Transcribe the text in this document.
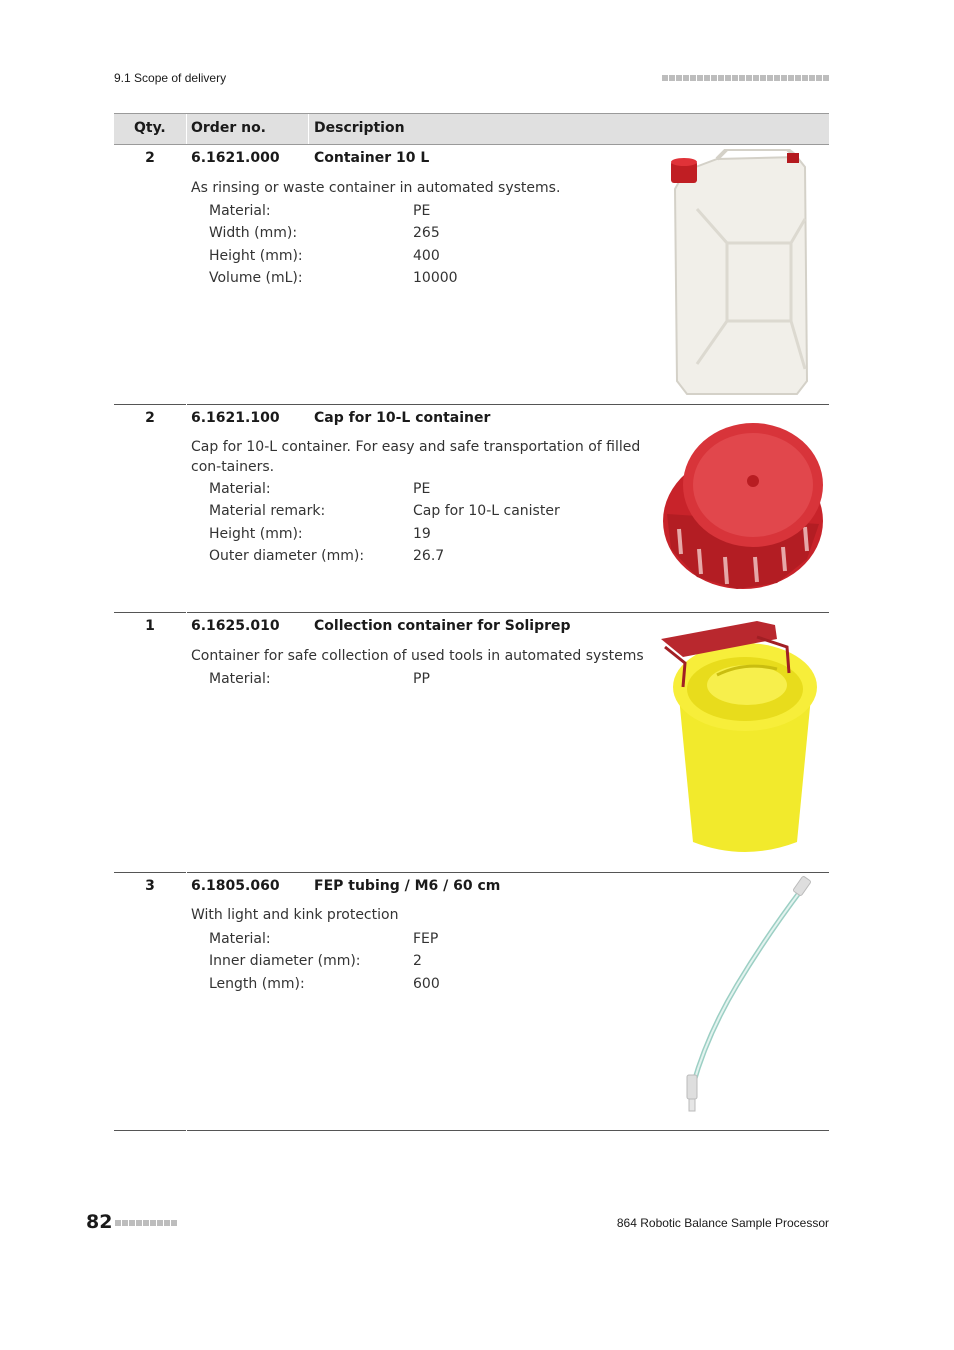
9.1 Scope of delivery
Qty. Order no.	Description
2	6.1621.000 Container 10 L
As rinsing or waste container in automated systems.
Material:	PE
Width (mm):	265
Height (mm):	400
Volume (mL):	10000
2	6.1621.100 Cap for 10-L container
Cap for 10-L container. For easy and safe transportation of filled con-tainers.
Material:	PE
Material remark:	Cap for 10-L canister
Height (mm):	19
Outer diameter (mm):	26.7
1	6.1625.010 Collection container for Soliprep
Container for safe collection of used tools in automated systems
Material:	PP
3	6.1805.060 FEP tubing / M6 / 60 cm
With light and kink protection
Material:	FEP
Inner diameter (mm):	2
Length (mm):	600
82	864 Robotic Balance Sample Processor
